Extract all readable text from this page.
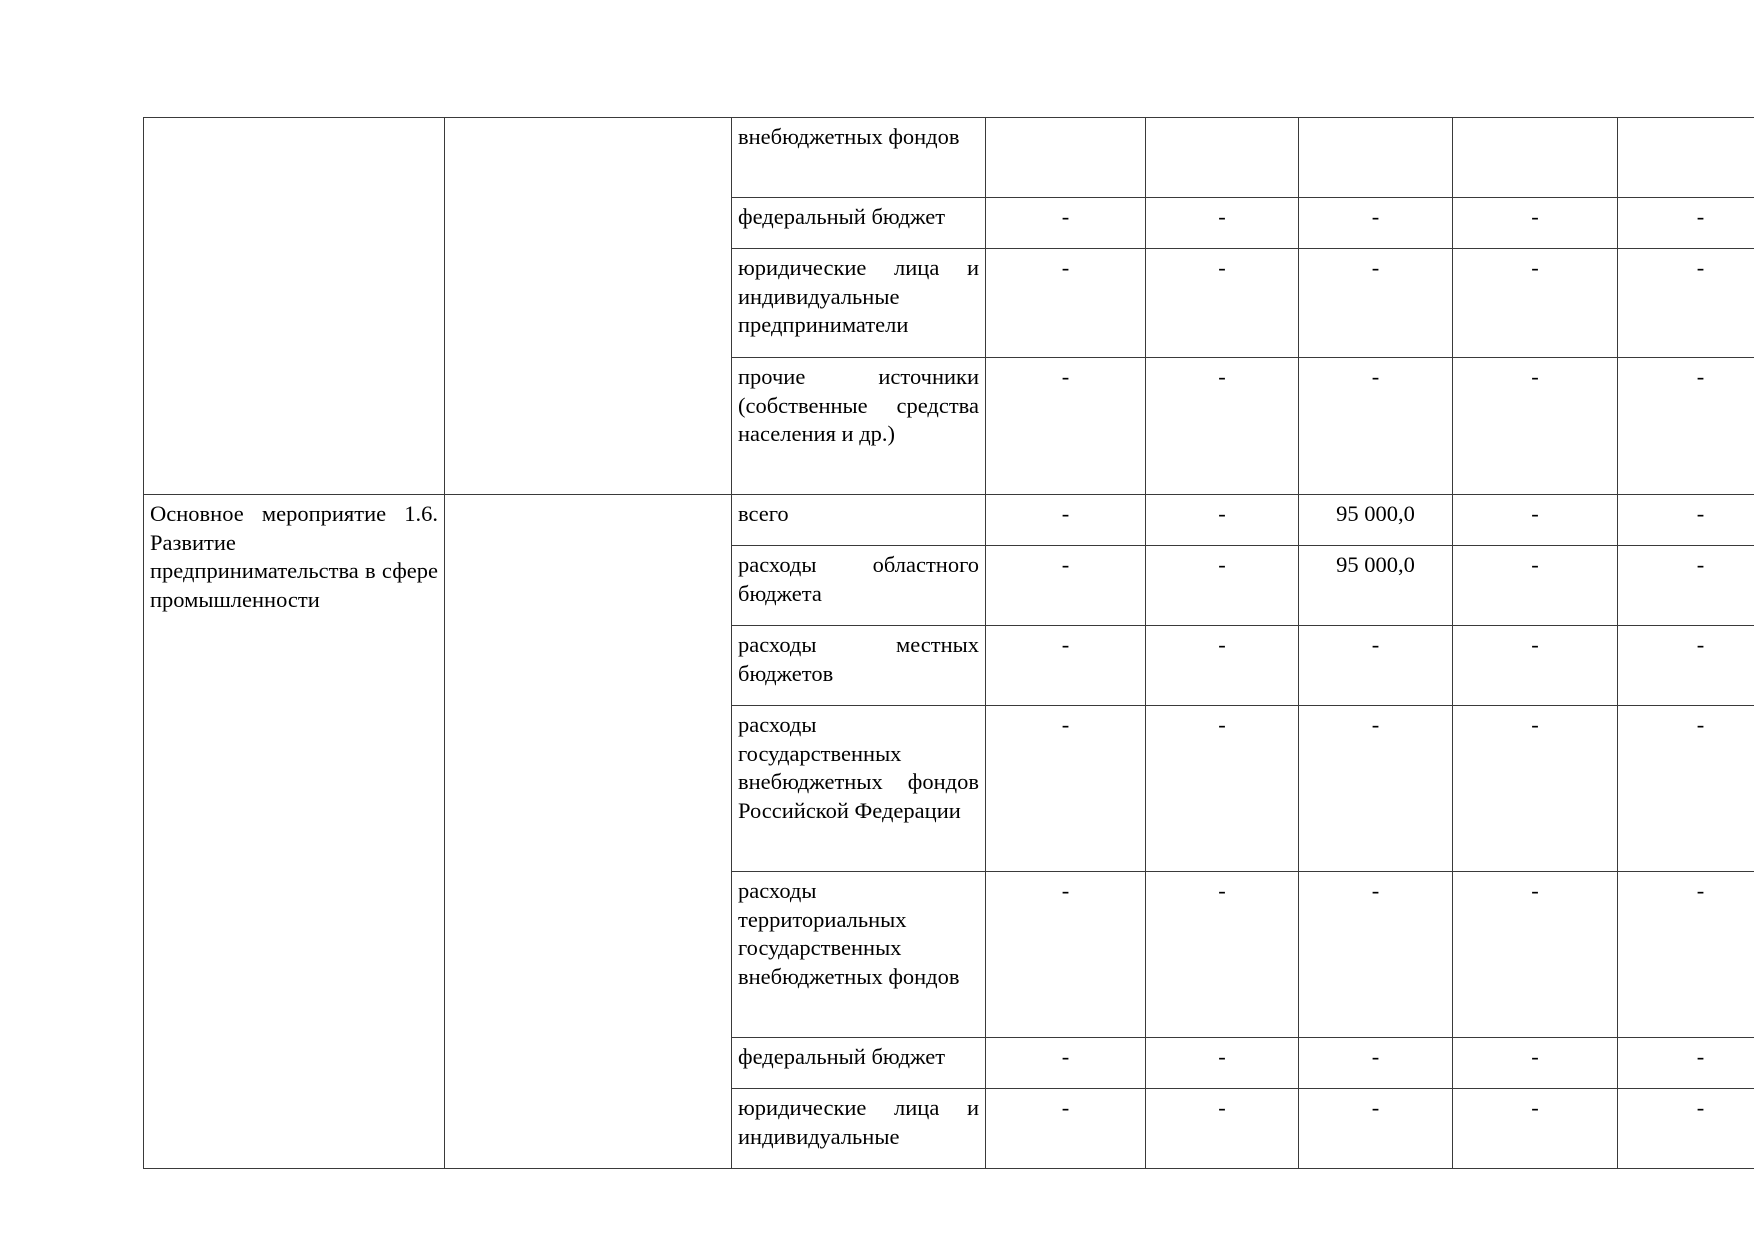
		внебюджетных фондов					
		федеральный бюджет	-	-	-	-	-
		юридические лица и индивидуальные предприниматели	-	-	-	-	-
		прочие источники (собственные средства населения и др.)	-	-	-	-	-
Основное мероприятие 1.6. Развитие предпринимательства в сфере промышленности		всего	-	-	95 000,0	-	-
		расходы областного бюджета	-	-	95 000,0	-	-
		расходы местных бюджетов	-	-	-	-	-
		расходы государственных внебюджетных фондов Российской Федерации	-	-	-	-	-
		расходы территориальных государственных внебюджетных фондов	-	-	-	-	-
		федеральный бюджет	-	-	-	-	-
		юридические лица и индивидуальные	-	-	-	-	-
